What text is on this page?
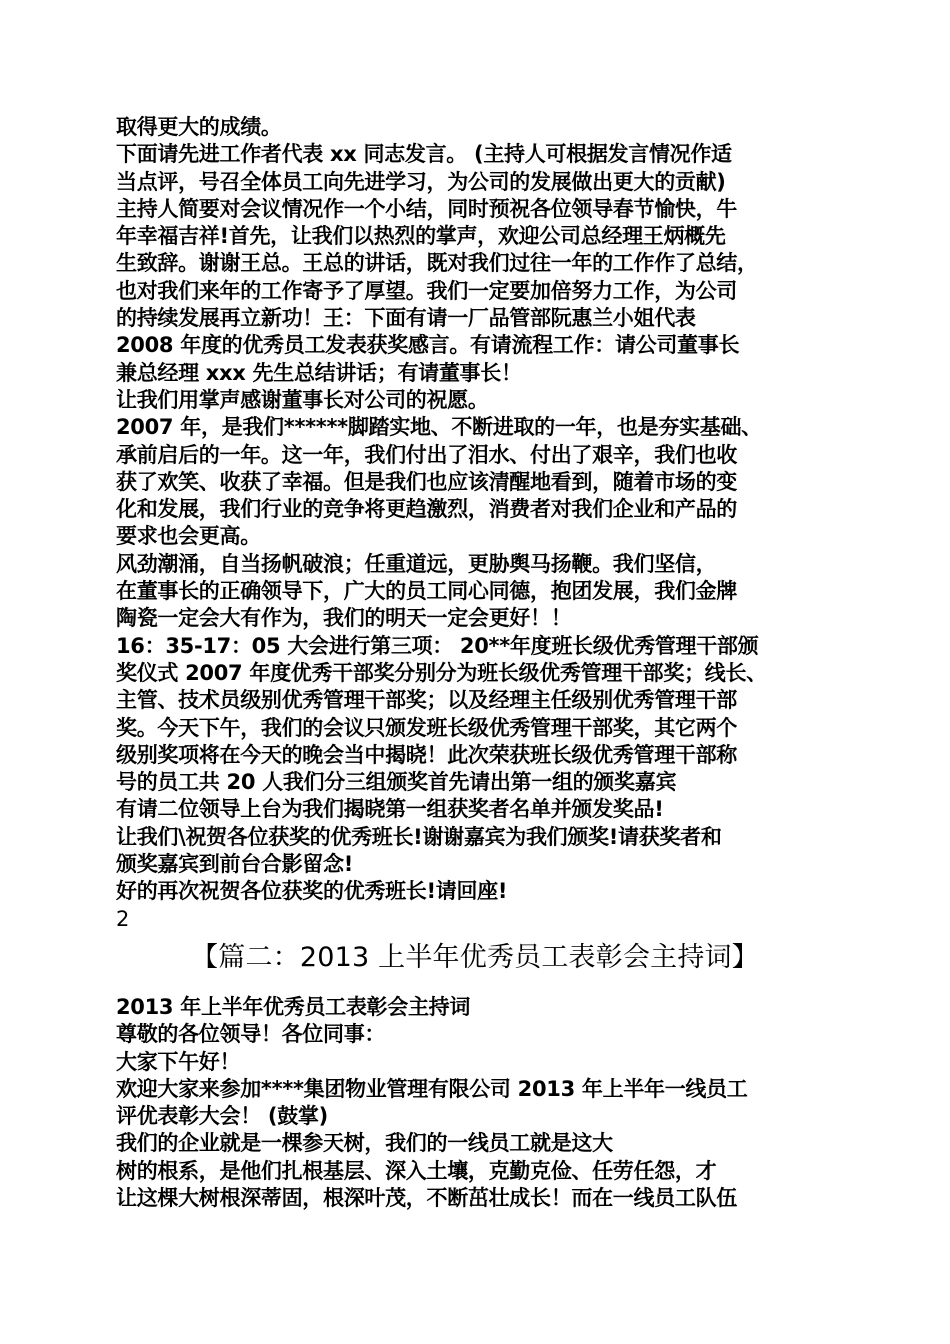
取得更大的成绩。
下面请先进工作者代表 xx 同志发言。 (主持人可根据发言情况作适
当点评，号召全体员工向先进学习，为公司的发展做出更大的贡献)
主持人简要对会议情况作一个小结，同时预祝各位领导春节愉快，牛
年幸福吉祥!首先，让我们以热烈的掌声，欢迎公司总经理王炳概先
生致辞。谢谢王总。王总的讲话，既对我们过往一年的工作作了总结，
也对我们来年的工作寄予了厚望。我们一定要加倍努力工作，为公司
的持续发展再立新功！王：下面有请一厂品管部阮惠兰小姐代表
2008 年度的优秀员工发表获奖感言。有请流程工作：请公司董事长
兼总经理 xxx 先生总结讲话；有请董事长！
让我们用掌声感谢董事长对公司的祝愿。
2007 年，是我们******脚踏实地、不断进取的一年，也是夯实基础、
承前启后的一年。这一年，我们付出了泪水、付出了艰辛，我们也收
获了欢笑、收获了幸福。但是我们也应该清醒地看到，随着市场的变
化和发展，我们行业的竞争将更趋激烈，消费者对我们企业和产品的
要求也会更高。
风劲潮涌，自当扬帆破浪；任重道远，更胁舆马扬鞭。我们坚信，
在董事长的正确领导下，广大的员工同心同德，抱团发展，我们金牌
陶瓷一定会大有作为，我们的明天一定会更好！！
16：35-17：05 大会进行第三项： 20**年度班长级优秀管理干部颁
奖仪式 2007 年度优秀干部奖分别分为班长级优秀管理干部奖；线长、
主管、技术员级别优秀管理干部奖；以及经理主任级别优秀管理干部
奖。今天下午，我们的会议只颁发班长级优秀管理干部奖，其它两个
级别奖项将在今天的晚会当中揭晓！此次荣获班长级优秀管理干部称
号的员工共 20 人我们分三组颁奖首先请出第一组的颁奖嘉宾
有请二位领导上台为我们揭晓第一组获奖者名单并颁发奖品!
让我们\祝贺各位获奖的优秀班长!谢谢嘉宾为我们颁奖!请获奖者和
颁奖嘉宾到前台合影留念!
好的再次祝贺各位获奖的优秀班长!请回座!
2
【篇二：2013 上半年优秀员工表彰会主持词】
2013 年上半年优秀员工表彰会主持词
尊敬的各位领导！各位同事：
大家下午好！
欢迎大家来参加****集团物业管理有限公司 2013 年上半年一线员工
评优表彰大会！ (鼓掌)
我们的企业就是一棵参天树，我们的一线员工就是这大
树的根系，是他们扎根基层、深入土壤，克勤克俭、任劳任怨，才
让这棵大树根深蒂固，根深叶茂，不断茁壮成长！而在一线员工队伍
